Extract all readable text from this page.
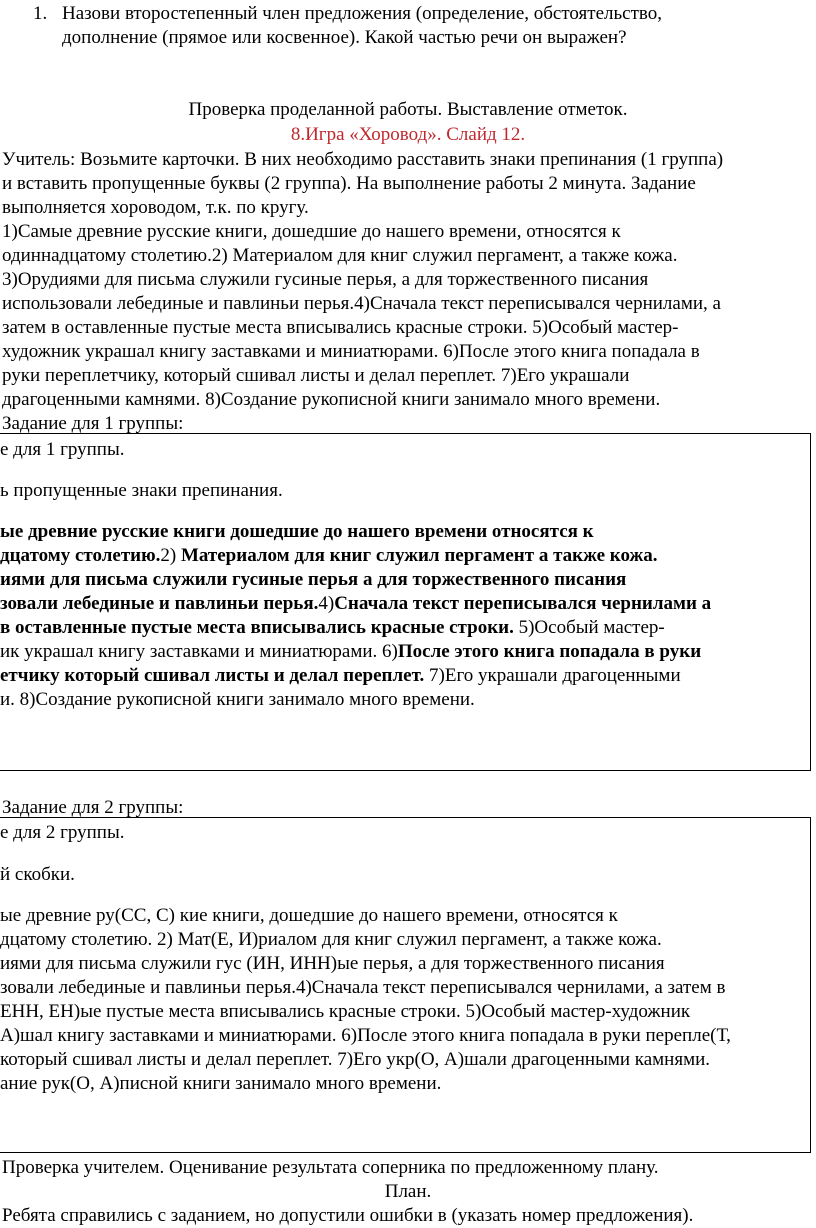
1. Назови второстепенный член предложения (определение, обстоятельство,
дополнение (прямое или косвенное). Какой частью речи он выражен?
Проверка проделанной работы. Выставление отметок.
8.Игра «Хоровод». Слайд 12.
Учитель: Возьмите карточки. В них необходимо расставить знаки препинания (1 группа)
и вставить пропущенные буквы (2 группа). На выполнение работы 2 минута. Задание
выполняется хороводом, т.к. по кругу.
1)Самые древние русские книги, дошедшие до нашего времени, относятся к
одиннадцатому столетию.2) Материалом для книг служил пергамент, а также кожа.
3)Орудиями для письма служили гусиные перья, а для торжественного писания
использовали лебединые и павлиньи перья.4)Сначала текст переписывался чернилами, а
затем в оставленные пустые места вписывались красные строки. 5)Особый мастер-
художник украшал книгу заставками и миниатюрами. 6)После этого книга попадала в
руки переплетчику, который сшивал листы и делал переплет. 7)Его украшали
драгоценными камнями. 8)Создание рукописной книги занимало много времени.
Задание для 1 группы:
е для 1 группы.
ь пропущенные знаки препинания.
ые древние русские книги дошедшие до нашего времени относятся к
дцатому столетию.2) Материалом для книг служил пергамент а также кожа.
иями для письма служили гусиные перья а для торжественного писания
зовали лебединые и павлиньи перья.4)Сначала текст переписывался чернилами а
в оставленные пустые места вписывались красные строки. 5)Особый мастер-
ик украшал книгу заставками и миниатюрами. 6)После этого книга попадала в руки
етчику который сшивал листы и делал переплет. 7)Его украшали драгоценными
и. 8)Создание рукописной книги занимало много времени.
Задание для 2 группы:
е для 2 группы.
й скобки.
ые древние ру(СС, С) кие книги, дошедшие до нашего времени, относятся к
дцатому столетию. 2) Мат(Е, И)риалом для книг служил пергамент, а также кожа.
иями для письма служили гус (ИН, ИНН)ые перья, а для торжественного писания
зовали лебединые и павлиньи перья.4)Сначала текст переписывался чернилами, а затем в
ЕНН, ЕН)ые пустые места вписывались красные строки. 5)Особый мастер-художник
А)шал книгу заставками и миниатюрами. 6)После этого книга попадала в руки перепле(Т,
который сшивал листы и делал переплет. 7)Его укр(О, А)шали драгоценными камнями.
ание рук(О, А)писной книги занимало много времени.
Проверка учителем. Оценивание результата соперника по предложенному плану.
План.
Ребята справились с заданием, но допустили ошибки в (указать номер предложения).
